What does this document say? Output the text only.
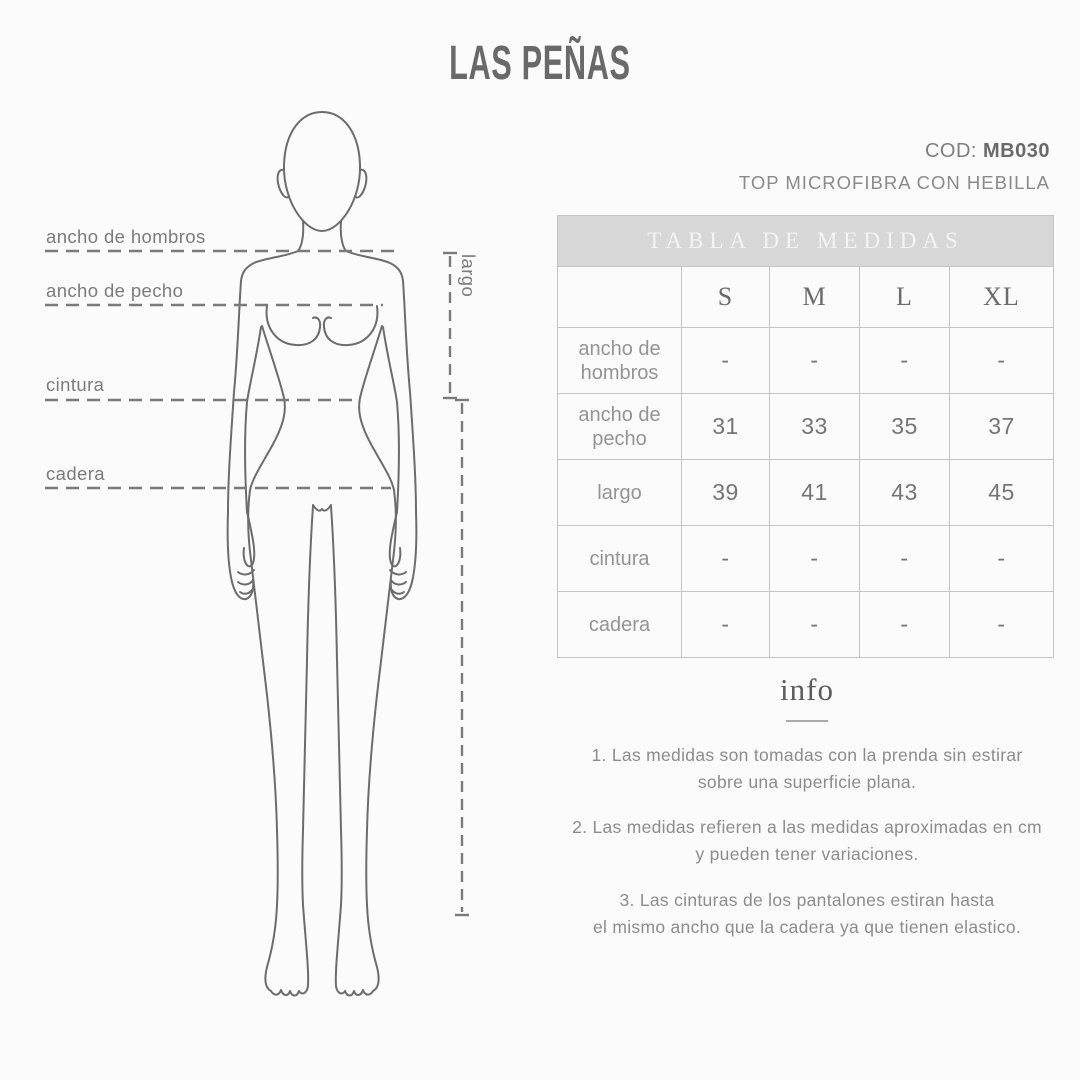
LAS PEÑAS
COD: MB030
TOP MICROFIBRA CON HEBILLA
ancho de hombros
ancho de pecho
cintura
cadera
largo
TABLA DE MEDIDAS				
	S	M	L	XL
ancho de hombros	-	-	-	-
ancho de pecho	31	33	35	37
largo	39	41	43	45
cintura	-	-	-	-
cadera	-	-	-	-
info

1. Las medidas son tomadas con la prenda sin estirar
sobre una superficie plana.

2. Las medidas refieren a las medidas aproximadas en cm
y pueden tener variaciones.

3. Las cinturas de los pantalones estiran hasta
el mismo ancho que la cadera ya que tienen elastico.
